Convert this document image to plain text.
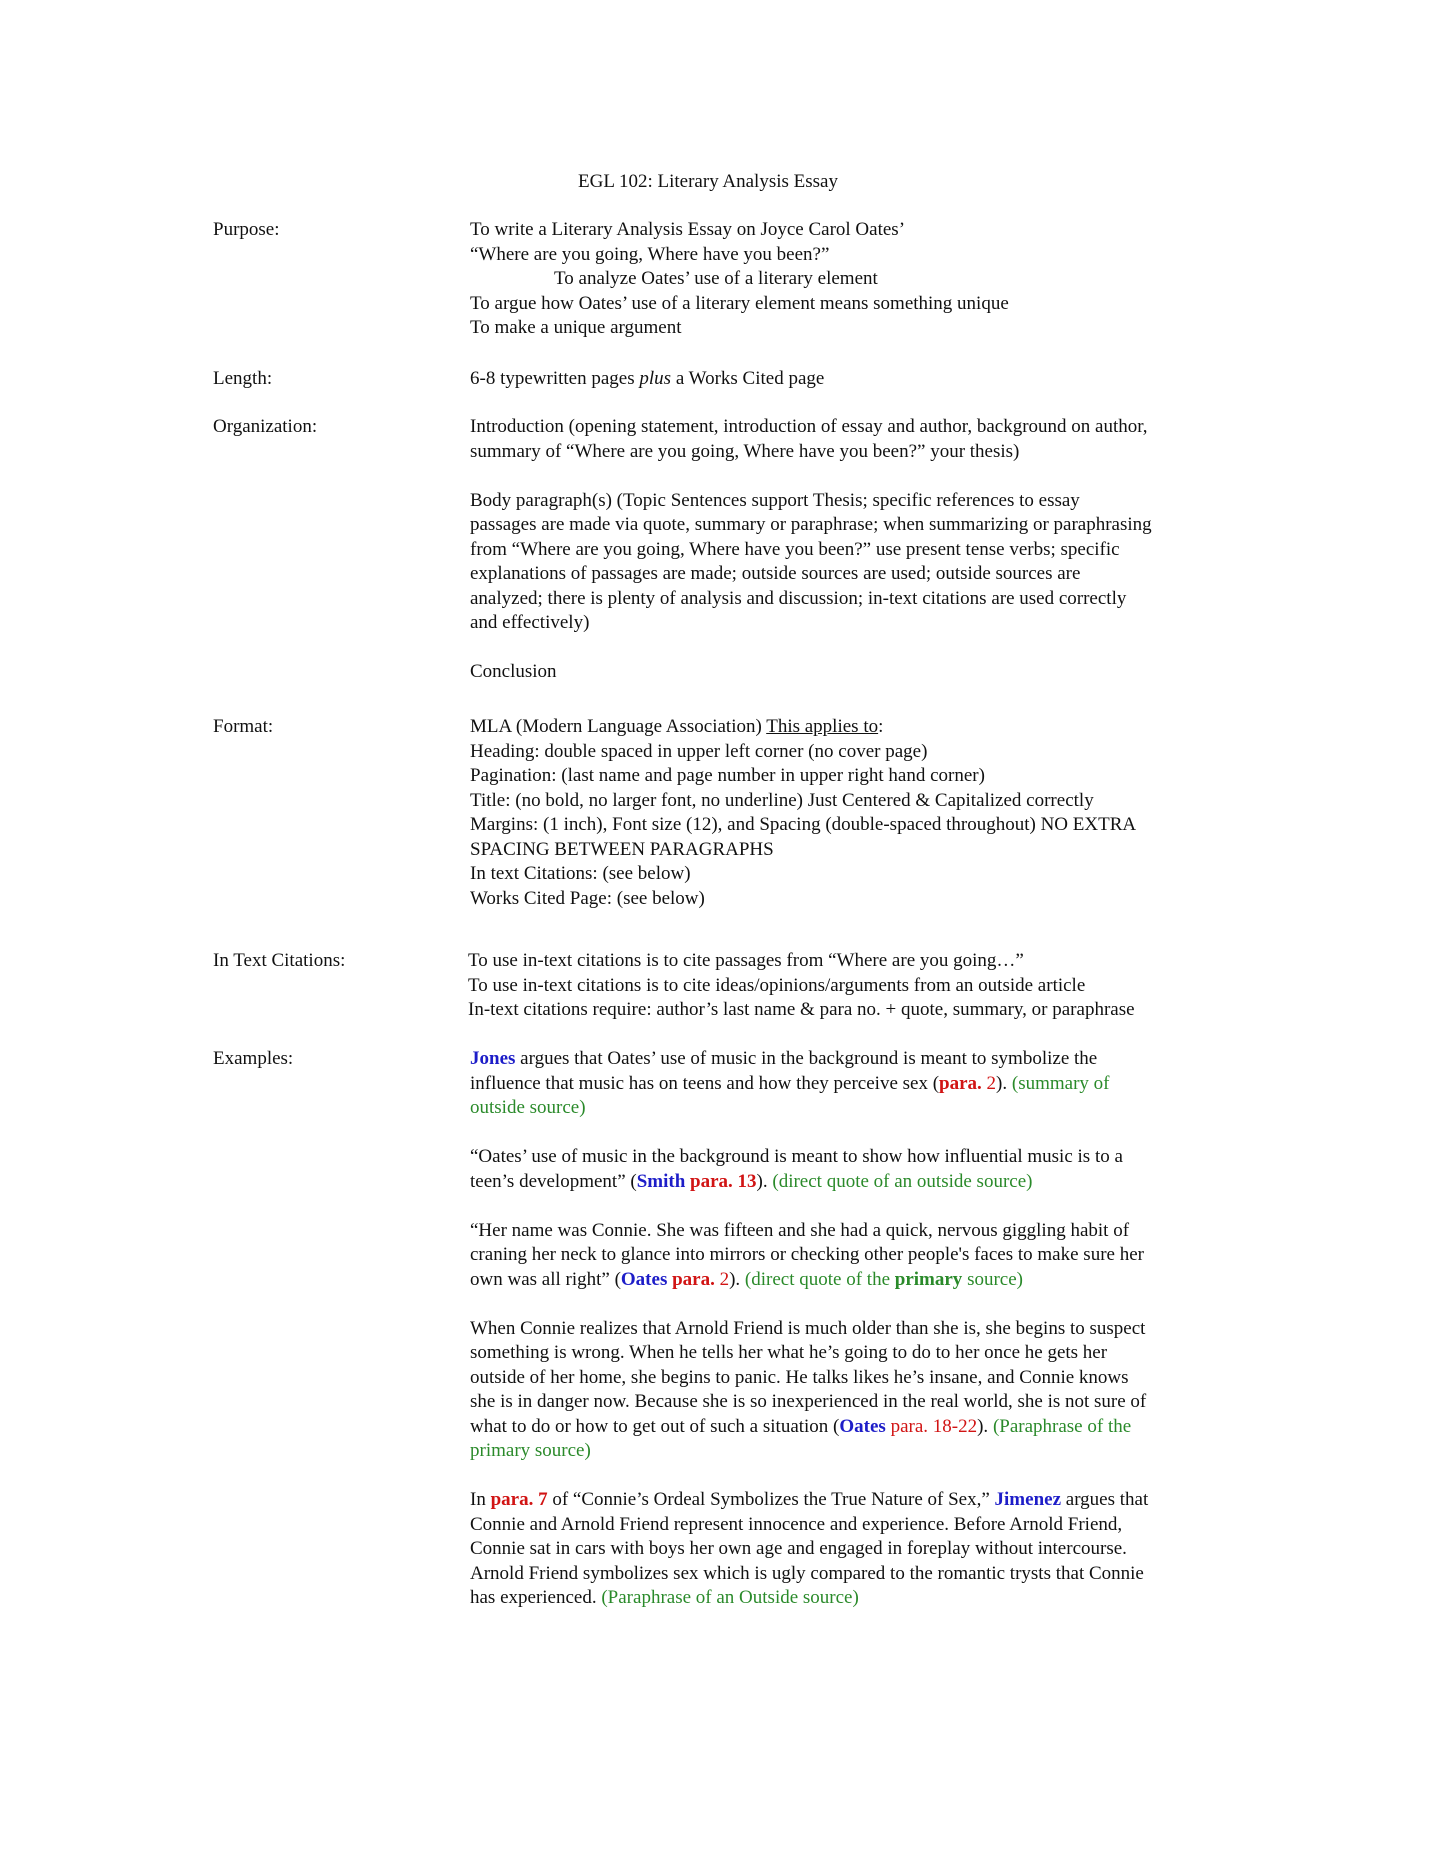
EGL 102: Literary Analysis Essay
Purpose:	To write a Literary Analysis Essay on Joyce Carol Oates’
“Where are you going, Where have you been?”
To analyze Oates’ use of a literary element
To argue how Oates’ use of a literary element means something unique
To make a unique argument
Length:	6-8 typewritten pages plus a Works Cited page
Organization:	Introduction (opening statement, introduction of essay and author, background on author,
summary of “Where are you going, Where have you been?” your thesis)
Body paragraph(s) (Topic Sentences support Thesis; specific references to essay
passages are made via quote, summary or paraphrase; when summarizing or paraphrasing
from “Where are you going, Where have you been?” use present tense verbs; specific
explanations of passages are made; outside sources are used; outside sources are
analyzed; there is plenty of analysis and discussion; in-text citations are used correctly
and effectively)
Conclusion
Format:	MLA (Modern Language Association) This applies to:
Heading: double spaced in upper left corner (no cover page)
Pagination: (last name and page number in upper right hand corner)
Title: (no bold, no larger font, no underline) Just Centered & Capitalized correctly
Margins: (1 inch), Font size (12), and Spacing (double-spaced throughout) NO EXTRA
SPACING BETWEEN PARAGRAPHS
In text Citations: (see below)
Works Cited Page: (see below)
In Text Citations:	To use in-text citations is to cite passages from “Where are you going…”
To use in-text citations is to cite ideas/opinions/arguments from an outside article
In-text citations require: author’s last name & para no. + quote, summary, or paraphrase
Examples:	Jones argues that Oates’ use of music in the background is meant to symbolize the
influence that music has on teens and how they perceive sex (para. 2). (summary of
outside source)
“Oates’ use of music in the background is meant to show how influential music is to a
teen’s development” (Smith para. 13). (direct quote of an outside source)
“Her name was Connie. She was fifteen and she had a quick, nervous giggling habit of
craning her neck to glance into mirrors or checking other people's faces to make sure her
own was all right” (Oates para. 2). (direct quote of the primary source)
When Connie realizes that Arnold Friend is much older than she is, she begins to suspect
something is wrong. When he tells her what he’s going to do to her once he gets her
outside of her home, she begins to panic. He talks likes he’s insane, and Connie knows
she is in danger now. Because she is so inexperienced in the real world, she is not sure of
what to do or how to get out of such a situation (Oates para. 18-22). (Paraphrase of the
primary source)
In para. 7 of “Connie’s Ordeal Symbolizes the True Nature of Sex,” Jimenez argues that
Connie and Arnold Friend represent innocence and experience. Before Arnold Friend,
Connie sat in cars with boys her own age and engaged in foreplay without intercourse.
Arnold Friend symbolizes sex which is ugly compared to the romantic trysts that Connie
has experienced. (Paraphrase of an Outside source)
